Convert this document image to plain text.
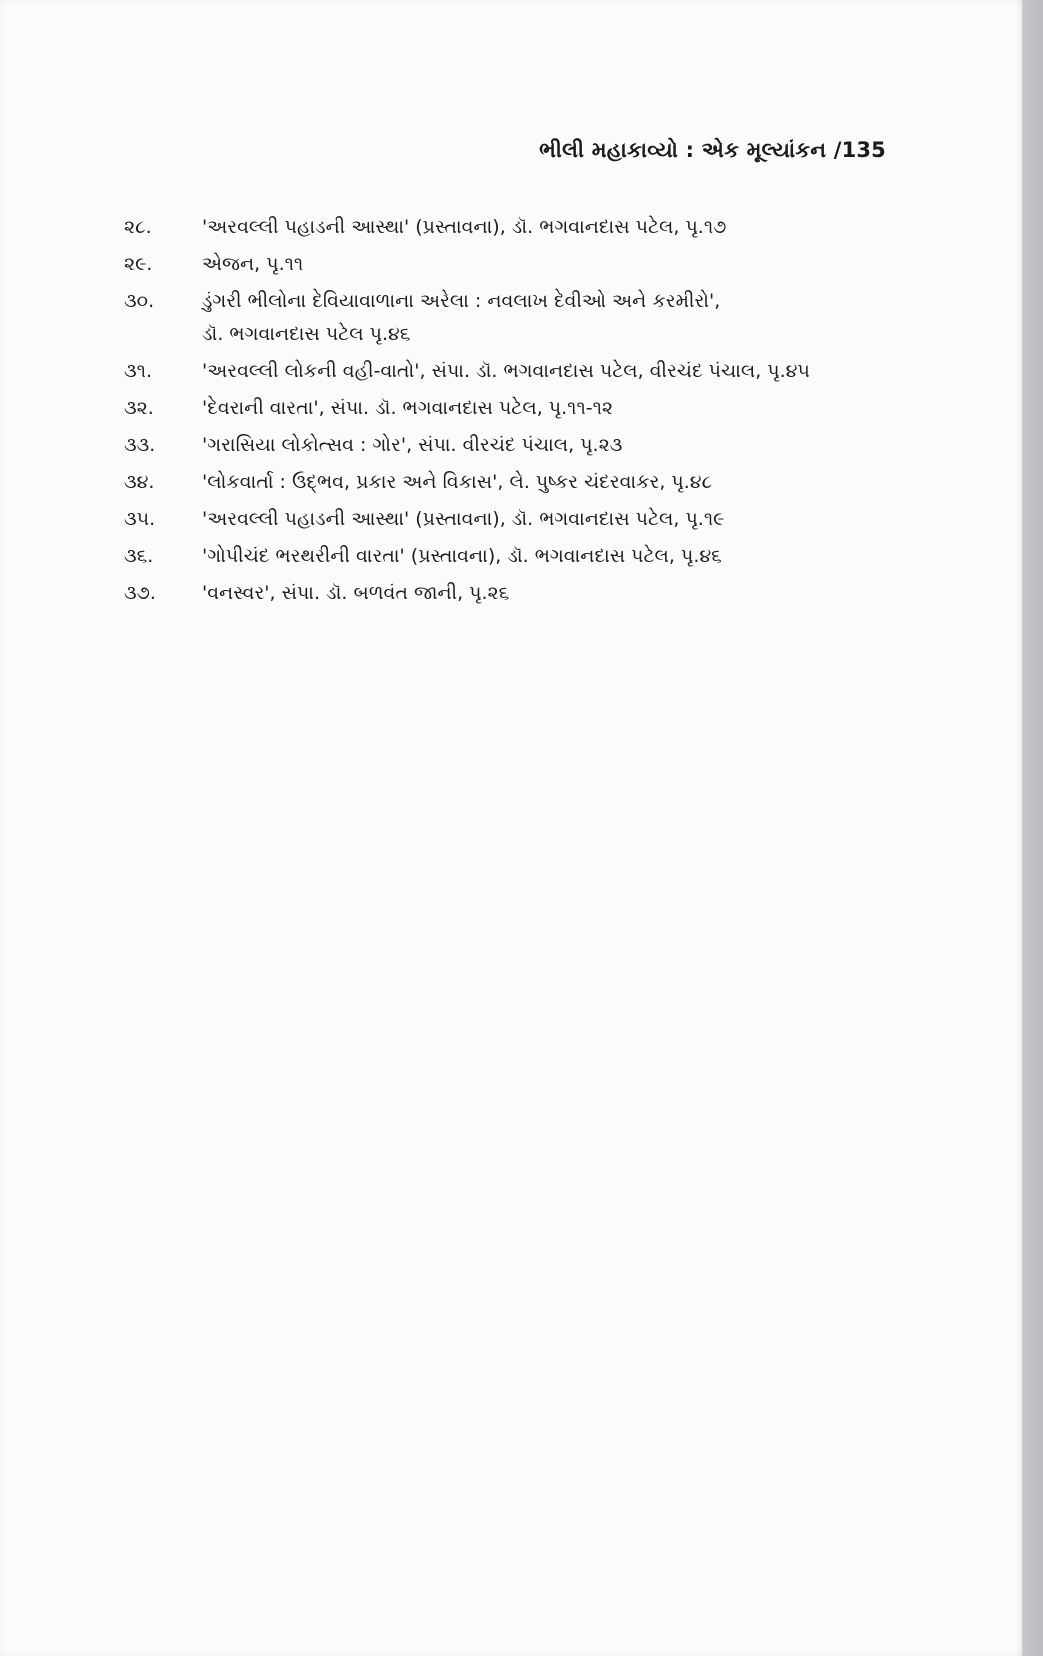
ભીલી મહાકાવ્યો : એક મૂલ્યાંકન /135
૨૮.	'અરવલ્લી પહાડની આસ્થા' (પ્રસ્તાવના), ડૉ. ભગવાનદાસ પટેલ, પૃ.૧૭
૨૯.	એજન, પૃ.૧૧
૩૦.	ડુંગરી ભીલોના દેવિયાવાળાના અરેલા : નવલાખ દેવીઓ અને કરમીરો',
ડૉ. ભગવાનદાસ પટેલ પૃ.૪૬
૩૧.	'અરવલ્લી લોકની વહી-વાતો', સંપા. ડૉ. ભગવાનદાસ પટેલ, વીરચંદ પંચાલ, પૃ.૪૫
૩૨.	'દેવરાની વારતા', સંપા. ડૉ. ભગવાનદાસ પટેલ, પૃ.૧૧-૧૨
૩૩.	'ગરાસિયા લોકોત્સવ : ગોર', સંપા. વીરચંદ પંચાલ, પૃ.૨૩
૩૪.	'લોકવાર્તા : ઉદ્ભવ, પ્રકાર અને વિકાસ', લે. પુષ્કર ચંદરવાકર, પૃ.૪૮
૩૫.	'અરવલ્લી પહાડની આસ્થા' (પ્રસ્તાવના), ડૉ. ભગવાનદાસ પટેલ, પૃ.૧૯
૩૬.	'ગોપીચંદ ભરથરીની વારતા' (પ્રસ્તાવના), ડૉ. ભગવાનદાસ પટેલ, પૃ.૪૬
૩૭.	'વનસ્વર', સંપા. ડૉ. બળવંત જાની, પૃ.૨૬
